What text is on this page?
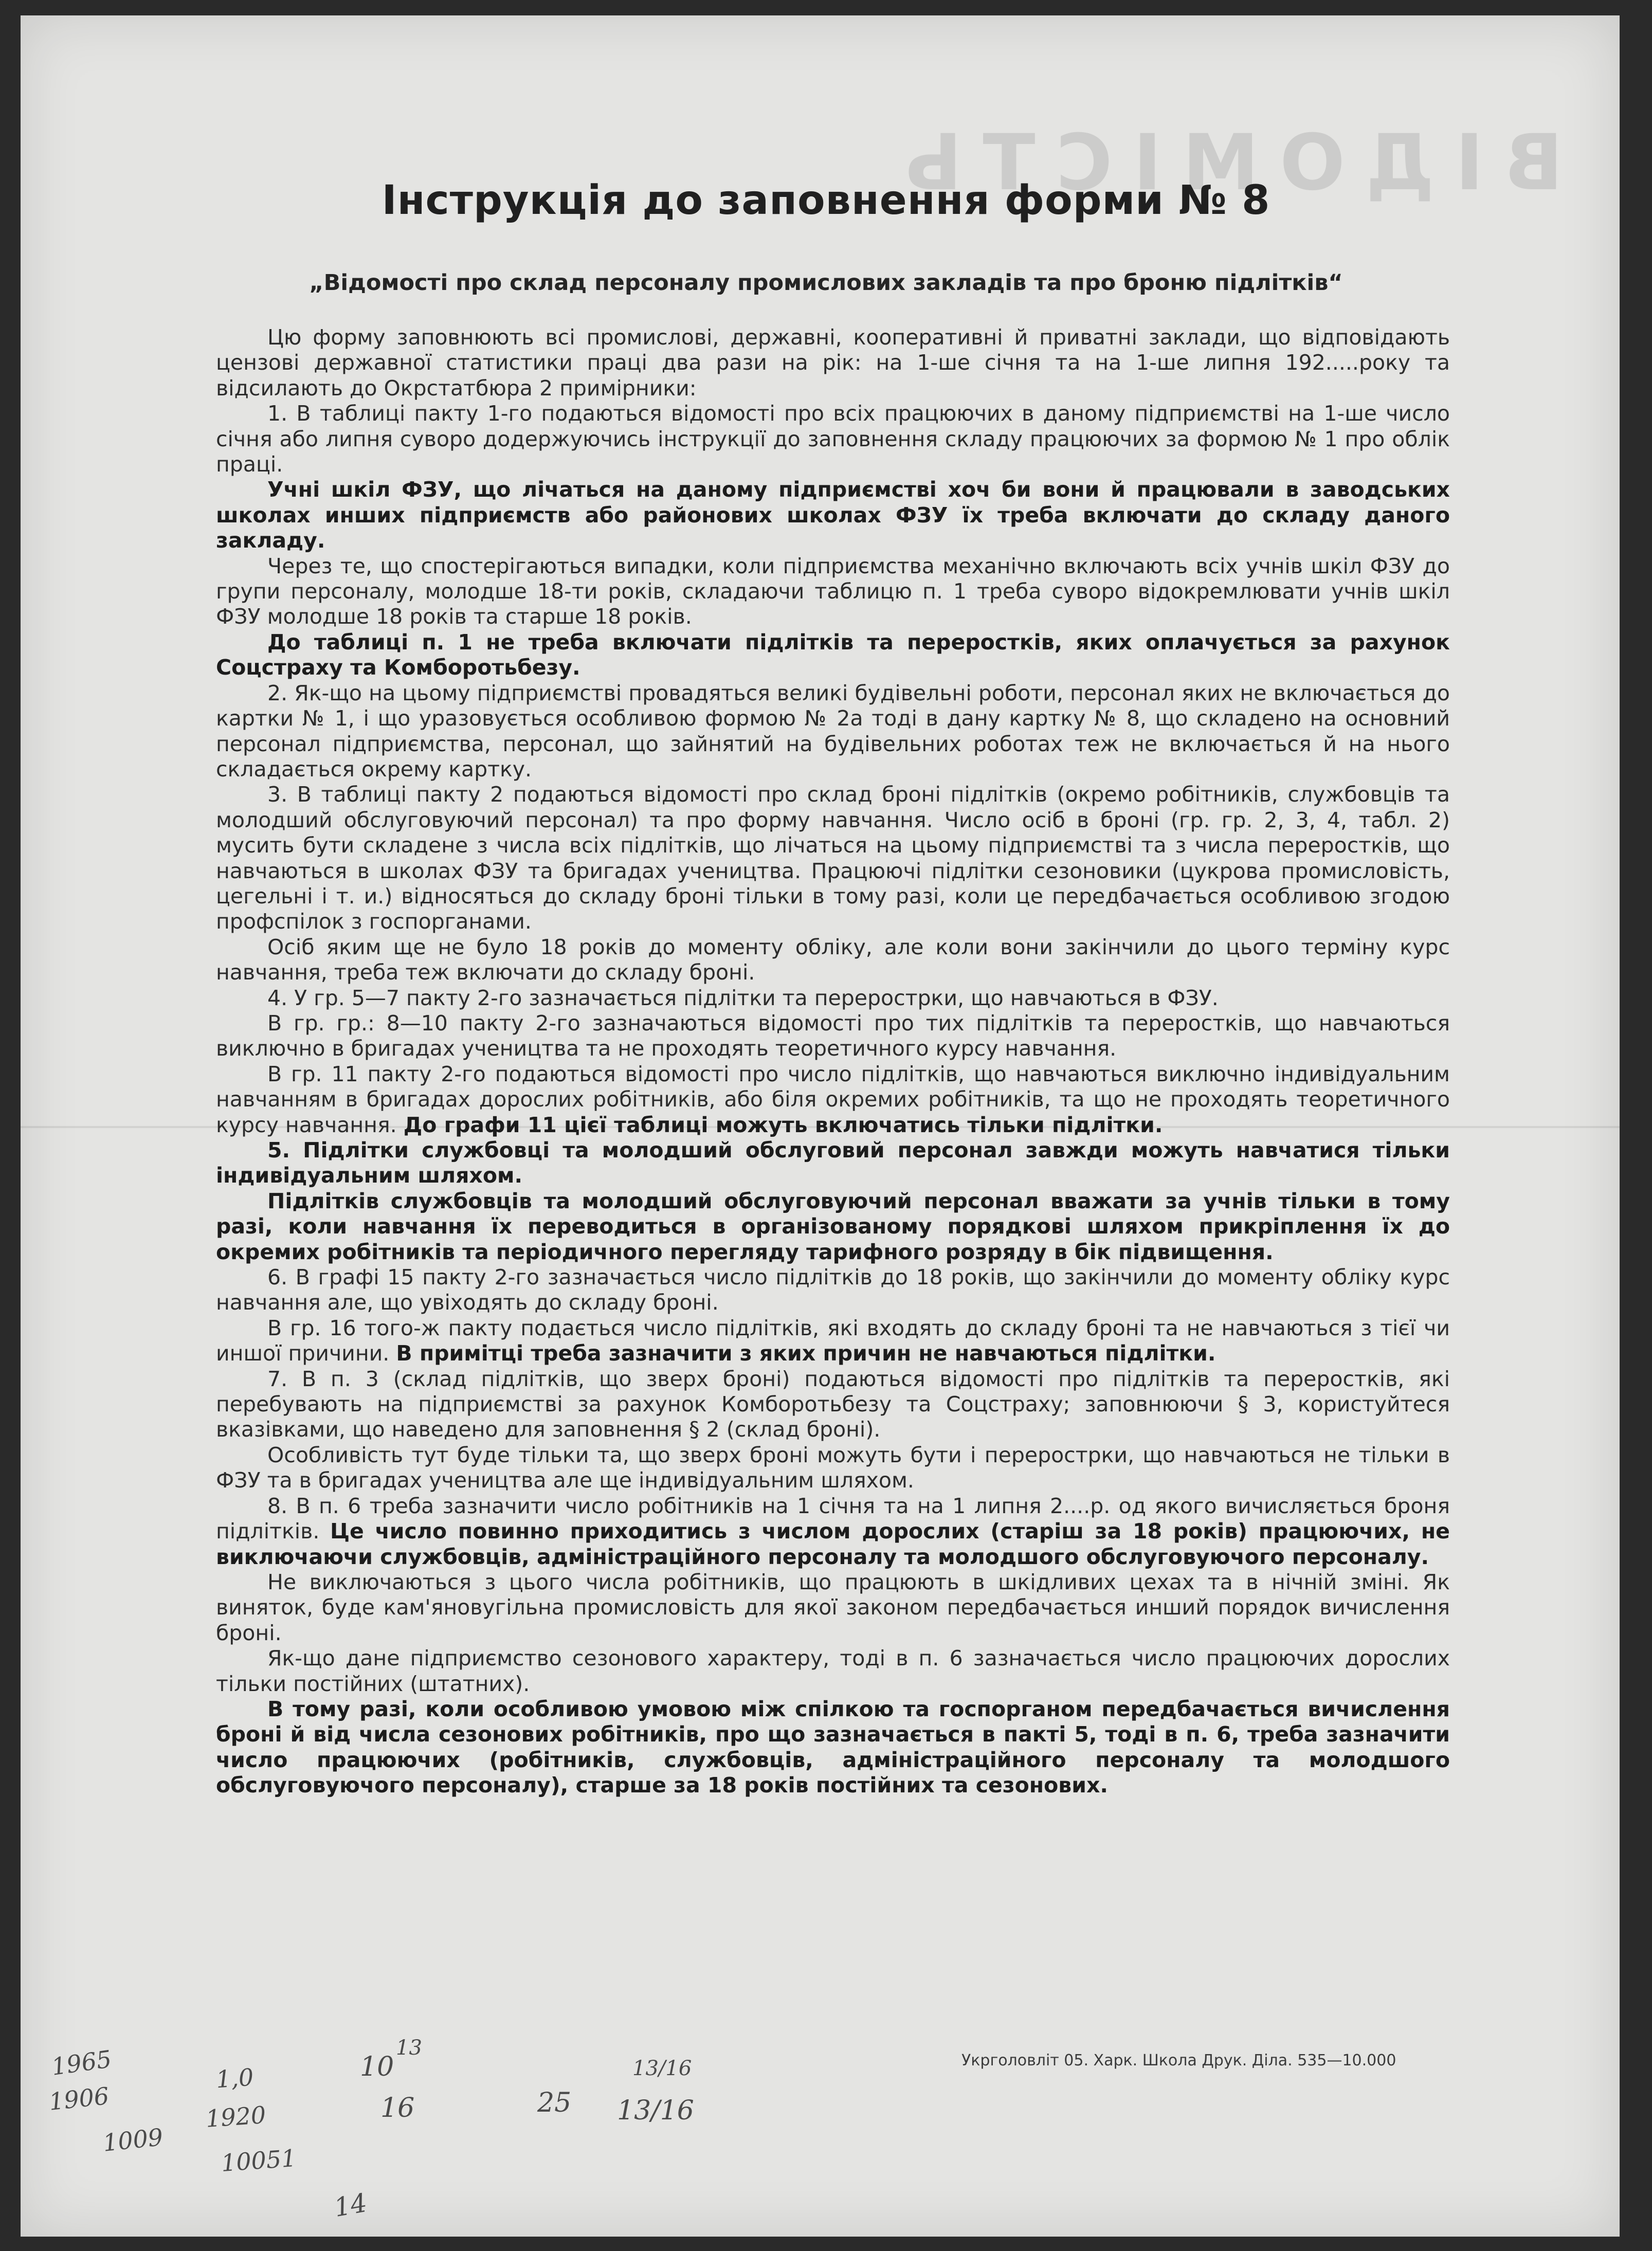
ВІДОМІСТЬ
Інструкція до заповнення форми № 8
„Відомості про склад персоналу промислових закладів та про броню підлітків“

Цю форму заповнюють всі промислові, державні, кооперативні й приватні заклади, що відповідають цензові державної статистики праці два рази на рік: на 1-ше січня та на 1-ше липня 192.....року та відсилають до Окрстатбюра 2 примірники:

1. В таблиці пакту 1-го подаються відомості про всіх працюючих в даному підприємстві на 1-ше число січня або липня суворо додержуючись інструкції до заповнення складу працюючих за формою № 1 про облік праці.

Учні шкіл ФЗУ, що лічаться на даному підприємстві хоч би вони й працювали в заводських школах инших підприємств або районових школах ФЗУ їх треба включати до складу даного закладу.

Через те, що спостерігаються випадки, коли підприємства механічно включають всіх учнів шкіл ФЗУ до групи персоналу, молодше 18-ти років, складаючи таблицю п. 1 треба суворо відокремлювати учнів шкіл ФЗУ молодше 18 років та старше 18 років.

До таблиці п. 1 не треба включати підлітків та переростків, яких оплачується за рахунок Соцстраху та Комборотьбезу.

2. Як-що на цьому підприємстві провадяться великі будівельні роботи, персонал яких не включається до картки № 1, і що уразовується особливою формою № 2а тоді в дану картку № 8, що складено на основний персонал підприємства, персонал, що зайнятий на будівельних роботах теж не включається й на нього складається окрему картку.

3. В таблиці пакту 2 подаються відомості про склад броні підлітків (окремо робітників, службовців та молодший обслуговуючий персонал) та про форму навчання. Число осіб в броні (гр. гр. 2, 3, 4, табл. 2) мусить бути складене з числа всіх підлітків, що лічаться на цьому підприємстві та з числа переростків, що навчаються в школах ФЗУ та бригадах учеництва. Працюючі підлітки сезоновики (цукрова промисловість, цегельні і т. и.) відносяться до складу броні тільки в тому разі, коли це передбачається особливою згодою профспілок з госпорганами.

Осіб яким ще не було 18 років до моменту обліку, але коли вони закінчили до цього терміну курс навчання, треба теж включати до складу броні.

4. У гр. 5—7 пакту 2-го зазначається підлітки та перерострки, що навчаються в ФЗУ.

В гр. гр.: 8—10 пакту 2-го зазначаються відомості про тих підлітків та переростків, що навчаються виключно в бригадах учеництва та не проходять теоретичного курсу навчання.

В гр. 11 пакту 2-го подаються відомості про число підлітків, що навчаються виключно індивідуальним навчанням в бригадах дорослих робітників, або біля окремих робітників, та що не проходять теоретичного курсу навчання. До графи 11 цієї таблиці можуть включатись тільки підлітки.

5. Підлітки службовці та молодший обслуговий персонал завжди можуть навчатися тільки індивідуальним шляхом.

Підлітків службовців та молодший обслуговуючий персонал вважати за учнів тільки в тому разі, коли навчання їх переводиться в організованому порядкові шляхом прикріплення їх до окремих робітників та періодичного перегляду тарифного розряду в бік підвищення.

6. В графі 15 пакту 2-го зазначається число підлітків до 18 років, що закінчили до моменту обліку курс навчання але, що увіходять до складу броні.

В гр. 16 того-ж пакту подається число підлітків, які входять до складу броні та не навчаються з тієї чи иншої причини. В примітці треба зазначити з яких причин не навчаються підлітки.

7. В п. 3 (склад підлітків, що зверх броні) подаються відомості про підлітків та переростків, які перебувають на підприємстві за рахунок Комборотьбезу та Соцстраху; заповнюючи § 3, користуйтеся вказівками, що наведено для заповнення § 2 (склад броні).

Особливість тут буде тільки та, що зверх броні можуть бути і перерострки, що навчаються не тільки в ФЗУ та в бригадах учеництва але ще індивідуальним шляхом.

8. В п. 6 треба зазначити число робітників на 1 січня та на 1 липня 2....р. од якого вичисляється броня підлітків. Це число повинно приходитись з числом дорослих (старіш за 18 років) працюючих, не виключаючи службовців, адміністраційного персоналу та молодшого обслуговуючого персоналу.

Не виключаються з цього числа робітників, що працюють в шкідливих цехах та в нічній зміні. Як виняток, буде кам'яновугільна промисловість для якої законом передбачається инший порядок вичислення броні.

Як-що дане підприємство сезонового характеру, тоді в п. 6 зазначається число працюючих дорослих тільки постійних (штатних).

В тому разі, коли особливою умовою між спілкою та госпорганом передбачається вичислення броні й від числа сезонових робітників, про що зазначається в пакті 5, тоді в п. 6, треба зазначити число працюючих (робітників, службовців, адміністраційного персоналу та молодшого обслуговуючого персоналу), старше за 18 років постійних та сезонових.

Укрголовліт 05. Харк. Школа Друк. Діла. 535—10.000
1965
1906
1,0
1920
1009
10051
14
10
13
16
13/16
25 13/16
